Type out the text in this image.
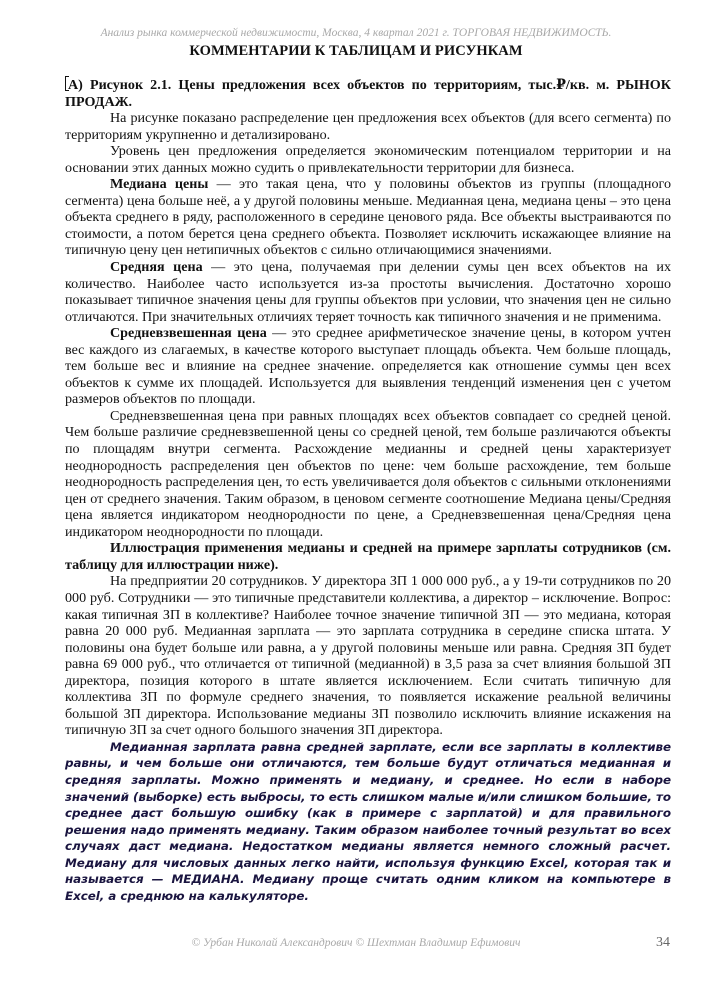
Анализ рынка коммерческой недвижимости, Москва, 4 квартал 2021 г. ТОРГОВАЯ НЕДВИЖИМОСТЬ.
КОММЕНТАРИИ К ТАБЛИЦАМ И РИСУНКАМ

А) Рисунок 2.1. Цены предложения всех объектов по территориям, тыс.₽/кв. м. РЫНОК ПРОДАЖ.

На рисунке показано распределение цен предложения всех объектов (для всего сегмента) по территориям укрупненно и детализировано.

Уровень цен предложения определяется экономическим потенциалом территории и на основании этих данных можно судить о привлекательности территории для бизнеса.

Медиана цены — это такая цена, что у половины объектов из группы (площадного сегмента) цена больше неё, а у другой половины меньше. Медианная цена, медиана цены – это цена объекта среднего в ряду, расположенного в середине ценового ряда. Все объекты выстраиваются по стоимости, а потом берется цена среднего объекта. Позволяет исключить искажающее влияние на типичную цену цен нетипичных объектов с сильно отличающимися значениями.

Средняя цена — это цена, получаемая при делении сумы цен всех объектов на их количество. Наиболее часто используется из-за простоты вычисления. Достаточно хорошо показывает типичное значения цены для группы объектов при условии, что значения цен не сильно отличаются. При значительных отличиях теряет точность как типичного значения и не применима.

Средневзвешенная цена — это среднее арифметическое значение цены, в котором учтен вес каждого из слагаемых, в качестве которого выступает площадь объекта. Чем больше площадь, тем больше вес и влияние на среднее значение. определяется как отношение суммы цен всех объектов к сумме их площадей. Используется для выявления тенденций изменения цен с учетом размеров объектов по площади.

Средневзвешенная цена при равных площадях всех объектов совпадает со средней ценой. Чем больше различие средневзвешенной цены со средней ценой, тем больше различаются объекты по площадям внутри сегмента. Расхождение медианны и средней цены характеризует неоднородность распределения цен объектов по цене: чем больше расхождение, тем больше неоднородность распределения цен, то есть увеличивается доля объектов с сильными отклонениями цен от среднего значения. Таким образом, в ценовом сегменте соотношение Медиана цены/Средняя цена является индикатором неоднородности по цене, а Средневзвешенная цена/Средняя цена индикатором неоднородности по площади.

Иллюстрация применения медианы и средней на примере зарплаты сотрудников (см. таблицу для иллюстрации ниже).

На предприятии 20 сотрудников. У директора ЗП 1 000 000 руб., а у 19-ти сотрудников по 20 000 руб. Сотрудники — это типичные представители коллектива, а директор – исключение. Вопрос: какая типичная ЗП в коллективе? Наиболее точное значение типичной ЗП — это медиана, которая равна 20 000 руб. Медианная зарплата — это зарплата сотрудника в середине списка штата. У половины она будет больше или равна, а у другой половины меньше или равна. Средняя ЗП будет равна 69 000 руб., что отличается от типичной (медианной) в 3,5 раза за счет влияния большой ЗП директора, позиция которого в штате является исключением. Если считать типичную для коллектива ЗП по формуле среднего значения, то появляется искажение реальной величины большой ЗП директора. Использование медианы ЗП позволило исключить влияние искажения на типичную ЗП за счет одного большого значения ЗП директора.

Медианная зарплата равна средней зарплате, если все зарплаты в коллективе равны, и чем больше они отличаются, тем больше будут отличаться медианная и средняя зарплаты. Можно применять и медиану, и среднее. Но если в наборе значений (выборке) есть выбросы, то есть слишком малые и/или слишком большие, то среднее даст большую ошибку (как в примере с зарплатой) и для правильного решения надо применять медиану. Таким образом наиболее точный результат во всех случаях даст медиана. Недостатком медианы является немного сложный расчет. Медиану для числовых данных легко найти, используя функцию Excel, которая так и называется — МЕДИАНА. Медиану проще считать одним кликом на компьютере в Excel, а среднюю на калькуляторе.

© Урбан Николай Александрович © Шехтман Владимир Ефимович	34
